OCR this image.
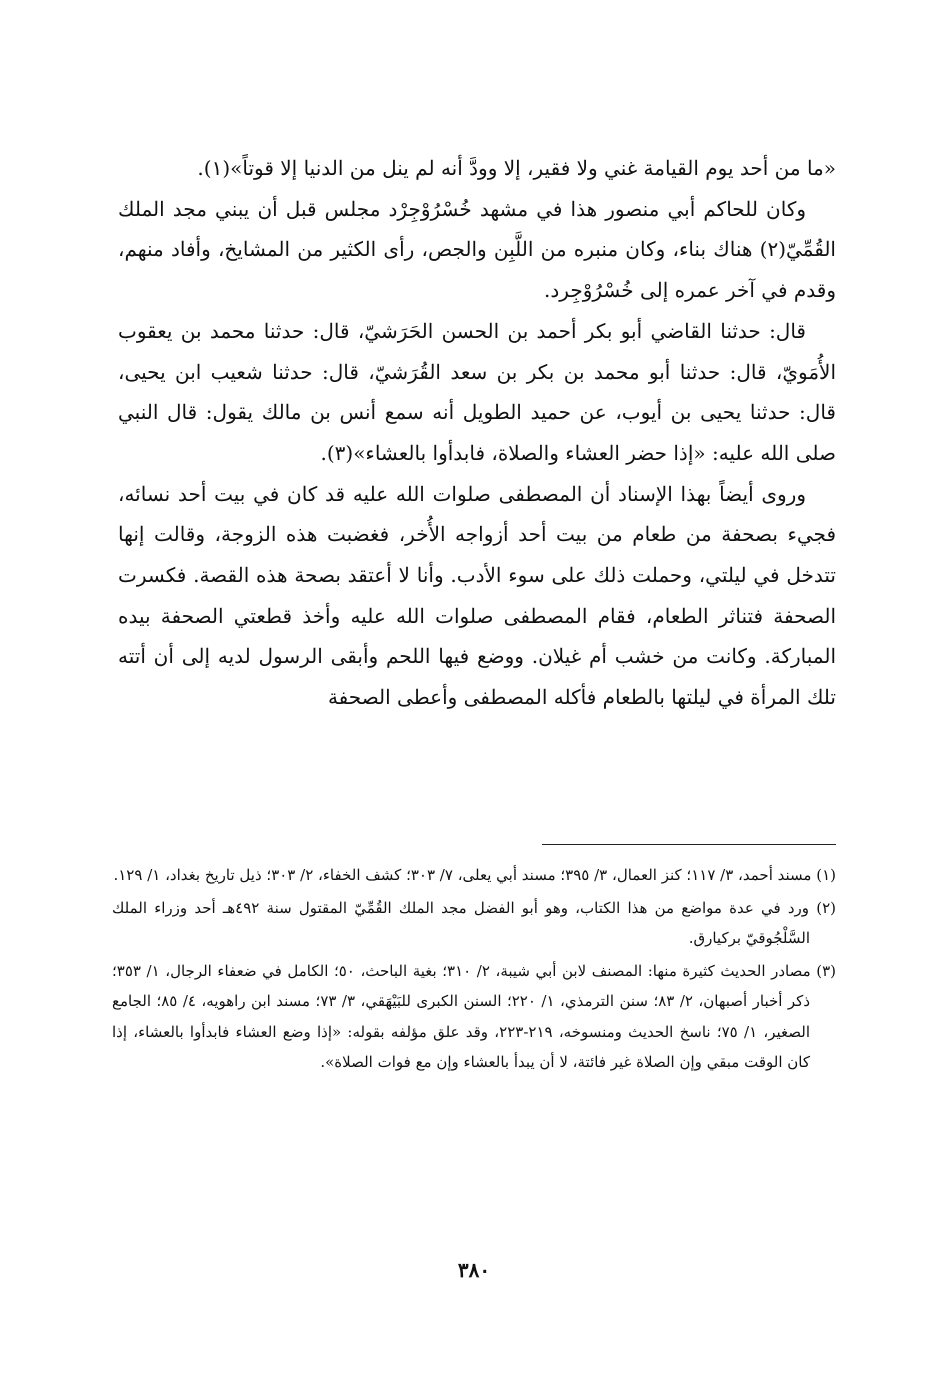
«ما من أحد يوم القيامة غني ولا فقير، إلا وودَّ أنه لم ينل من الدنيا إلا قوتاً»(١).

وكان للحاكم أبي منصور هذا في مشهد خُسْرُوْجِرْد مجلس قبل أن يبني مجد الملك القُمِّيّ(٢) هناك بناء، وكان منبره من اللَّبِن والجص، رأى الكثير من المشايخ، وأفاد منهم، وقدم في آخر عمره إلى خُسْرُوْجِرد.

قال: حدثنا القاضي أبو بكر أحمد بن الحسن الحَرَشيّ، قال: حدثنا محمد بن يعقوب الأُمَويّ، قال: حدثنا أبو محمد بن بكر بن سعد القُرَشيّ، قال: حدثنا شعيب ابن يحيى، قال: حدثنا يحيى بن أيوب، عن حميد الطويل أنه سمع أنس بن مالك يقول: قال النبي صلى الله عليه: «إذا حضر العشاء والصلاة، فابدأوا بالعشاء»(٣).

وروى أيضاً بهذا الإسناد أن المصطفى صلوات الله عليه قد كان في بيت أحد نسائه، فجيء بصحفة من طعام من بيت أحد أزواجه الأُخر، فغضبت هذه الزوجة، وقالت إنها تتدخل في ليلتي، وحملت ذلك على سوء الأدب. وأنا لا أعتقد بصحة هذه القصة. فكسرت الصحفة فتناثر الطعام، فقام المصطفى صلوات الله عليه وأخذ قطعتي الصحفة بيده المباركة. وكانت من خشب أم غيلان. ووضع فيها اللحم وأبقى الرسول لديه إلى أن أتته تلك المرأة في ليلتها بالطعام فأكله المصطفى وأعطى الصحفة

(١) مسند أحمد، ٣/ ١١٧؛ كنز العمال، ٣/ ٣٩٥؛ مسند أبي يعلى، ٧/ ٣٠٣؛ كشف الخفاء، ٢/ ٣٠٣؛ ذيل تاريخ بغداد، ١/ ١٢٩.

(٢) ورد في عدة مواضع من هذا الكتاب، وهو أبو الفضل مجد الملك القُمِّيّ المقتول سنة ٤٩٢هـ أحد وزراء الملك السَّلْجُوقيّ بركيارق.

(٣) مصادر الحديث كثيرة منها: المصنف لابن أبي شيبة، ٢/ ٣١٠؛ بغية الباحث، ٥٠؛ الكامل في ضعفاء الرجال، ١/ ٣٥٣؛ ذكر أخبار أصبهان، ٢/ ٨٣؛ سنن الترمذي، ١/ ٢٢٠؛ السنن الكبرى للبَيْهَقي، ٣/ ٧٣؛ مسند ابن راهويه، ٤/ ٨٥؛ الجامع الصغير، ١/ ٧٥؛ ناسخ الحديث ومنسوخه، ٢١٩-٢٢٣، وقد علق مؤلفه بقوله: «إذا وضع العشاء فابدأوا بالعشاء، إذا كان الوقت مبقي وإن الصلاة غير فائتة، لا أن يبدأ بالعشاء وإن مع فوات الصلاة».

٣٨٠
